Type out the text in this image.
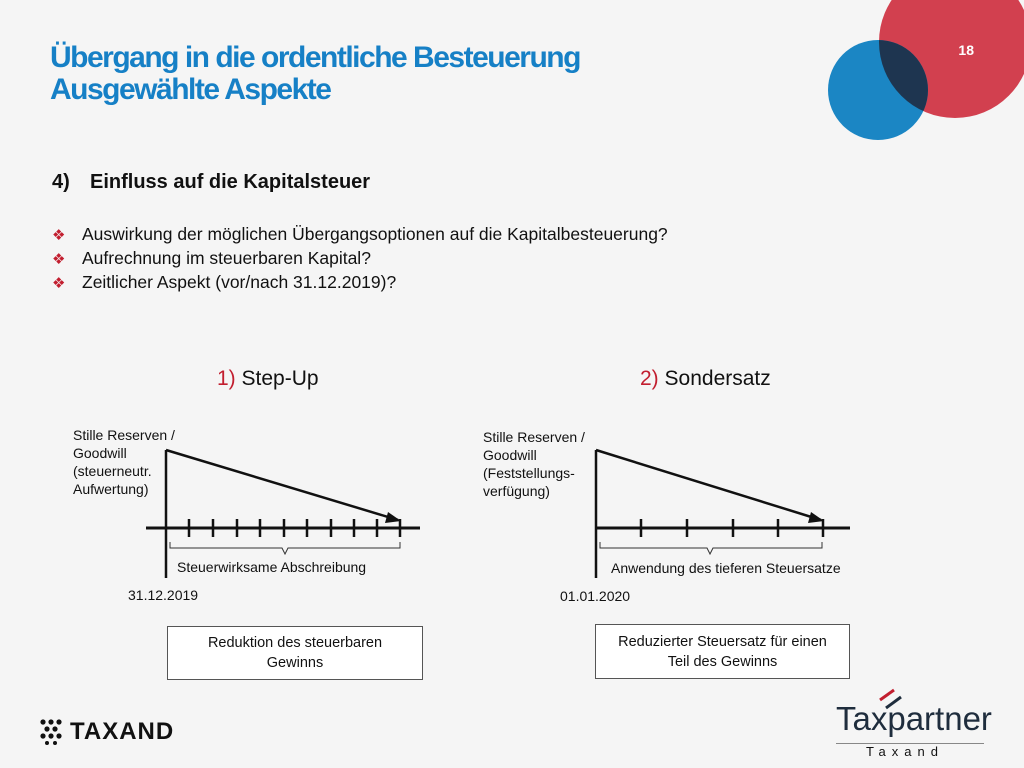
18
Übergang in die ordentliche Besteuerung
Ausgewählte Aspekte
4) Einfluss auf die Kapitalsteuer
❖ Auswirkung der möglichen Übergangsoptionen auf die Kapitalbesteuerung?
❖ Aufrechnung im steuerbaren Kapital?
❖ Zeitlicher Aspekt (vor/nach 31.12.2019)?
1) Step-Up
Stille Reserven /
Goodwill
(steuerneutr.
Aufwertung)
Steuerwirksame Abschreibung
31.12.2019
Reduktion des steuerbaren
Gewinns
2) Sondersatz
Stille Reserven /
Goodwill
(Feststellungs-
verfügung)
Anwendung des tieferen Steuersatze
01.01.2020
Reduzierter Steuersatz für einen
Teil des Gewinns
TAXAND	Taxpartner
Taxand
